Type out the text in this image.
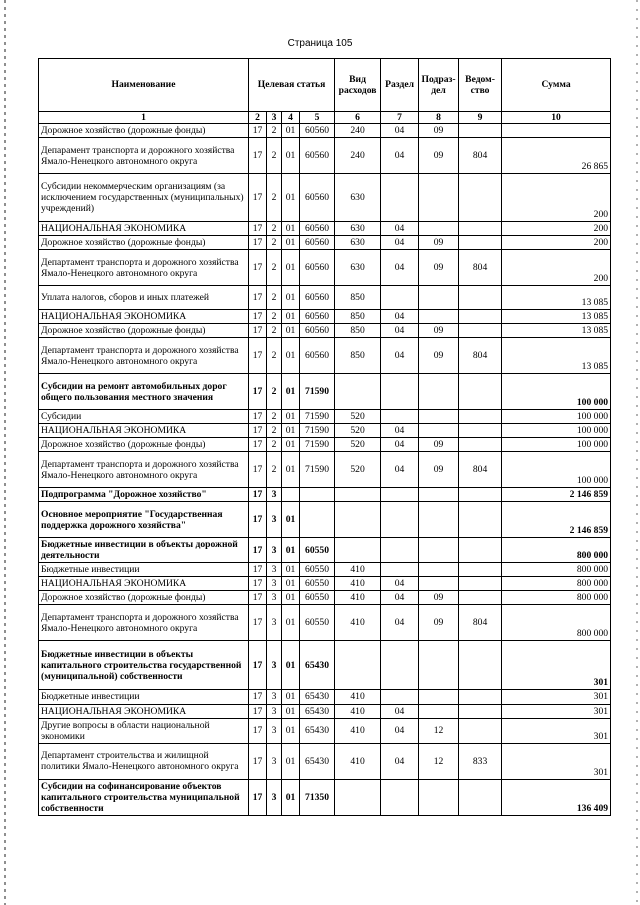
Страница 105
Наименование	Целевая статья				Вид расходов	Раздел	Подраз-дел	Ведом-ство	Сумма
1	2	3	4	5	6	7	8	9	10
Дорожное хозяйство (дорожные фонды)	17	2	01	60560	240	04	09		
Депарамент транспорта и дорожного хозяйства Ямало-Ненецкого автономного округа	17	2	01	60560	240	04	09	804	26 865
Субсидии некоммерческим организациям (за исключением государственных (муниципальных) учреждений)	17	2	01	60560	630				200
НАЦИОНАЛЬНАЯ ЭКОНОМИКА	17	2	01	60560	630	04			200
Дорожное хозяйство (дорожные фонды)	17	2	01	60560	630	04	09		200
Департамент транспорта и дорожного хозяйства Ямало-Ненецкого автономного округа	17	2	01	60560	630	04	09	804	200
Уплата налогов, сборов и иных платежей	17	2	01	60560	850				13 085
НАЦИОНАЛЬНАЯ ЭКОНОМИКА	17	2	01	60560	850	04			13 085
Дорожное хозяйство (дорожные фонды)	17	2	01	60560	850	04	09		13 085
Департамент транспорта и дорожного хозяйства Ямало-Ненецкого автономного округа	17	2	01	60560	850	04	09	804	13 085
Субсидии на ремонт автомобильных дорог общего пользования местного значения	17	2	01	71590					100 000
Субсидии	17	2	01	71590	520				100 000
НАЦИОНАЛЬНАЯ ЭКОНОМИКА	17	2	01	71590	520	04			100 000
Дорожное хозяйство (дорожные фонды)	17	2	01	71590	520	04	09		100 000
Департамент транспорта и дорожного хозяйства Ямало-Ненецкого автономного округа	17	2	01	71590	520	04	09	804	100 000
Подпрограмма "Дорожное хозяйство"	17	3							2 146 859
Основное мероприятие "Государственная поддержка дорожного хозяйства"	17	3	01						2 146 859
Бюджетные инвестиции в объекты дорожной деятельности	17	3	01	60550					800 000
Бюджетные инвестиции	17	3	01	60550	410				800 000
НАЦИОНАЛЬНАЯ ЭКОНОМИКА	17	3	01	60550	410	04			800 000
Дорожное хозяйство (дорожные фонды)	17	3	01	60550	410	04	09		800 000
Департамент транспорта и дорожного хозяйства Ямало-Ненецкого автономного округа	17	3	01	60550	410	04	09	804	800 000
Бюджетные инвестиции в объекты капитального строительства государственной (муниципальной) собственности	17	3	01	65430					301
Бюджетные инвестиции	17	3	01	65430	410				301
НАЦИОНАЛЬНАЯ ЭКОНОМИКА	17	3	01	65430	410	04			301
Другие вопросы в области национальной экономики	17	3	01	65430	410	04	12		301
Департамент строительства и жилищной политики Ямало-Ненецкого автономного округа	17	3	01	65430	410	04	12	833	301
Субсидии на софинансирование объектов капитального строительства муниципальной собственности	17	3	01	71350					136 409
